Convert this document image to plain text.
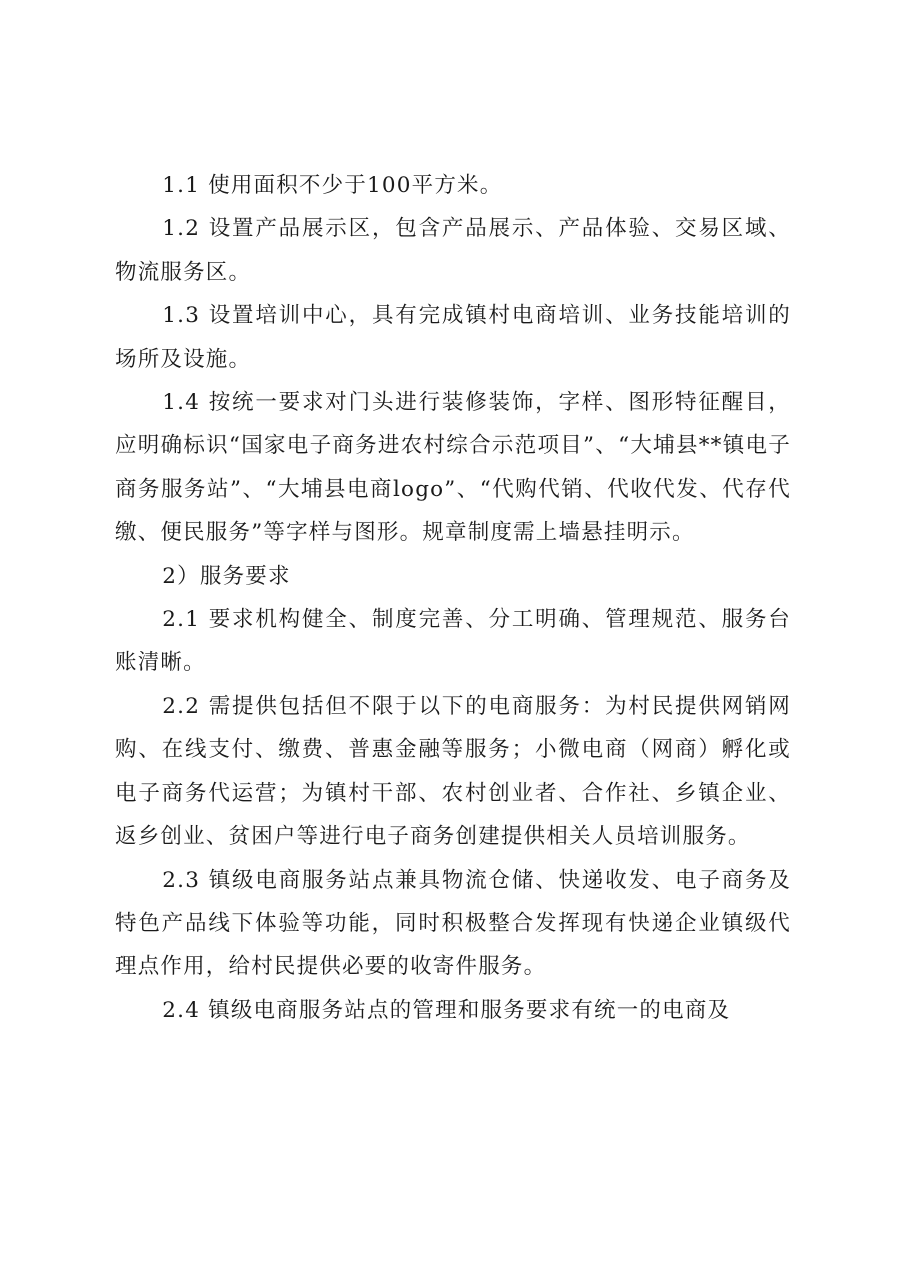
1.1 使用面积不少于100平方米。

1.2 设置产品展示区，包含产品展示、产品体验、交易区域、物流服务区。

1.3 设置培训中心，具有完成镇村电商培训、业务技能培训的场所及设施。

1.4 按统一要求对门头进行装修装饰，字样、图形特征醒目，应明确标识“国家电子商务进农村综合示范项目”、“大埔县**镇电子商务服务站”、“大埔县电商logo”、“代购代销、代收代发、代存代缴、便民服务”等字样与图形。规章制度需上墙悬挂明示。

2）服务要求

2.1 要求机构健全、制度完善、分工明确、管理规范、服务台账清晰。

2.2 需提供包括但不限于以下的电商服务：为村民提供网销网购、在线支付、缴费、普惠金融等服务；小微电商（网商）孵化或电子商务代运营；为镇村干部、农村创业者、合作社、乡镇企业、返乡创业、贫困户等进行电子商务创建提供相关人员培训服务。

2.3 镇级电商服务站点兼具物流仓储、快递收发、电子商务及特色产品线下体验等功能，同时积极整合发挥现有快递企业镇级代理点作用，给村民提供必要的收寄件服务。

2.4 镇级电商服务站点的管理和服务要求有统一的电商及
